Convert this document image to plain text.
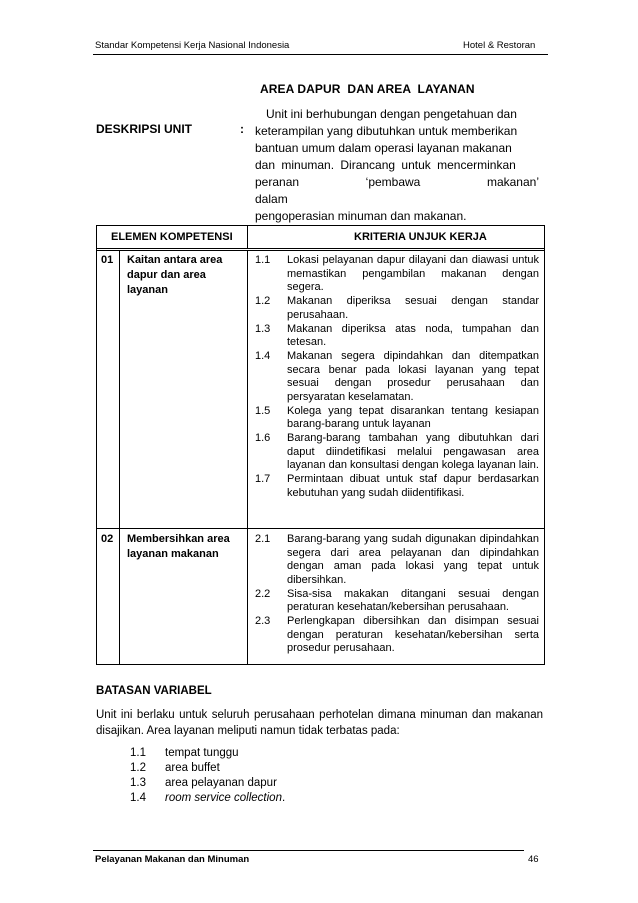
Standar Kompetensi Kerja Nasional Indonesia	Hotel & Restoran
AREA DAPUR  DAN AREA  LAYANAN
DESKRIPSI UNIT	:
Unit ini berhubungan dengan pengetahuan dan
keterampilan yang dibutuhkan untuk memberikan
bantuan umum dalam operasi layanan makanan
dan minuman. Dirancang untuk mencerminkan
peranan ‘pembawa makanan’ dalam
pengoperasian minuman dan makanan.
ELEMEN KOMPETENSI	KRITERIA UNJUK KERJA
01 Kaitan antara area dapur dan area layanan
1.1	Lokasi pelayanan dapur dilayani dan diawasi untuk memastikan pengambilan makanan dengan segera.
1.2	Makanan diperiksa sesuai dengan standar perusahaan.
1.3	Makanan diperiksa atas noda, tumpahan dan tetesan.
1.4	Makanan segera dipindahkan dan ditempatkan secara benar pada lokasi layanan yang tepat sesuai dengan prosedur perusahaan dan persyaratan keselamatan.
1.5	Kolega yang tepat disarankan tentang kesiapan barang-barang untuk layanan
1.6	Barang-barang tambahan yang dibutuhkan dari daput diindetifikasi melalui pengawasan area layanan dan konsultasi dengan kolega layanan lain.
1.7	Permintaan dibuat untuk staf dapur berdasarkan kebutuhan yang sudah diidentifikasi.
02 Membersihkan area layanan makanan
2.1	Barang-barang yang sudah digunakan dipindahkan segera dari area pelayanan dan dipindahkan dengan aman pada lokasi yang tepat untuk dibersihkan.
2.2	Sisa-sisa makakan ditangani sesuai dengan peraturan kesehatan/kebersihan perusahaan.
2.3	Perlengkapan dibersihkan dan disimpan sesuai dengan peraturan kesehatan/kebersihan serta prosedur perusahaan.
BATASAN VARIABEL
Unit ini berlaku untuk seluruh perusahaan perhotelan dimana minuman dan makanan disajikan. Area layanan meliputi namun tidak terbatas pada:
1.1	tempat tunggu
1.2	area buffet
1.3	area pelayanan dapur
1.4	room service collection .
Pelayanan Makanan dan Minuman	46
